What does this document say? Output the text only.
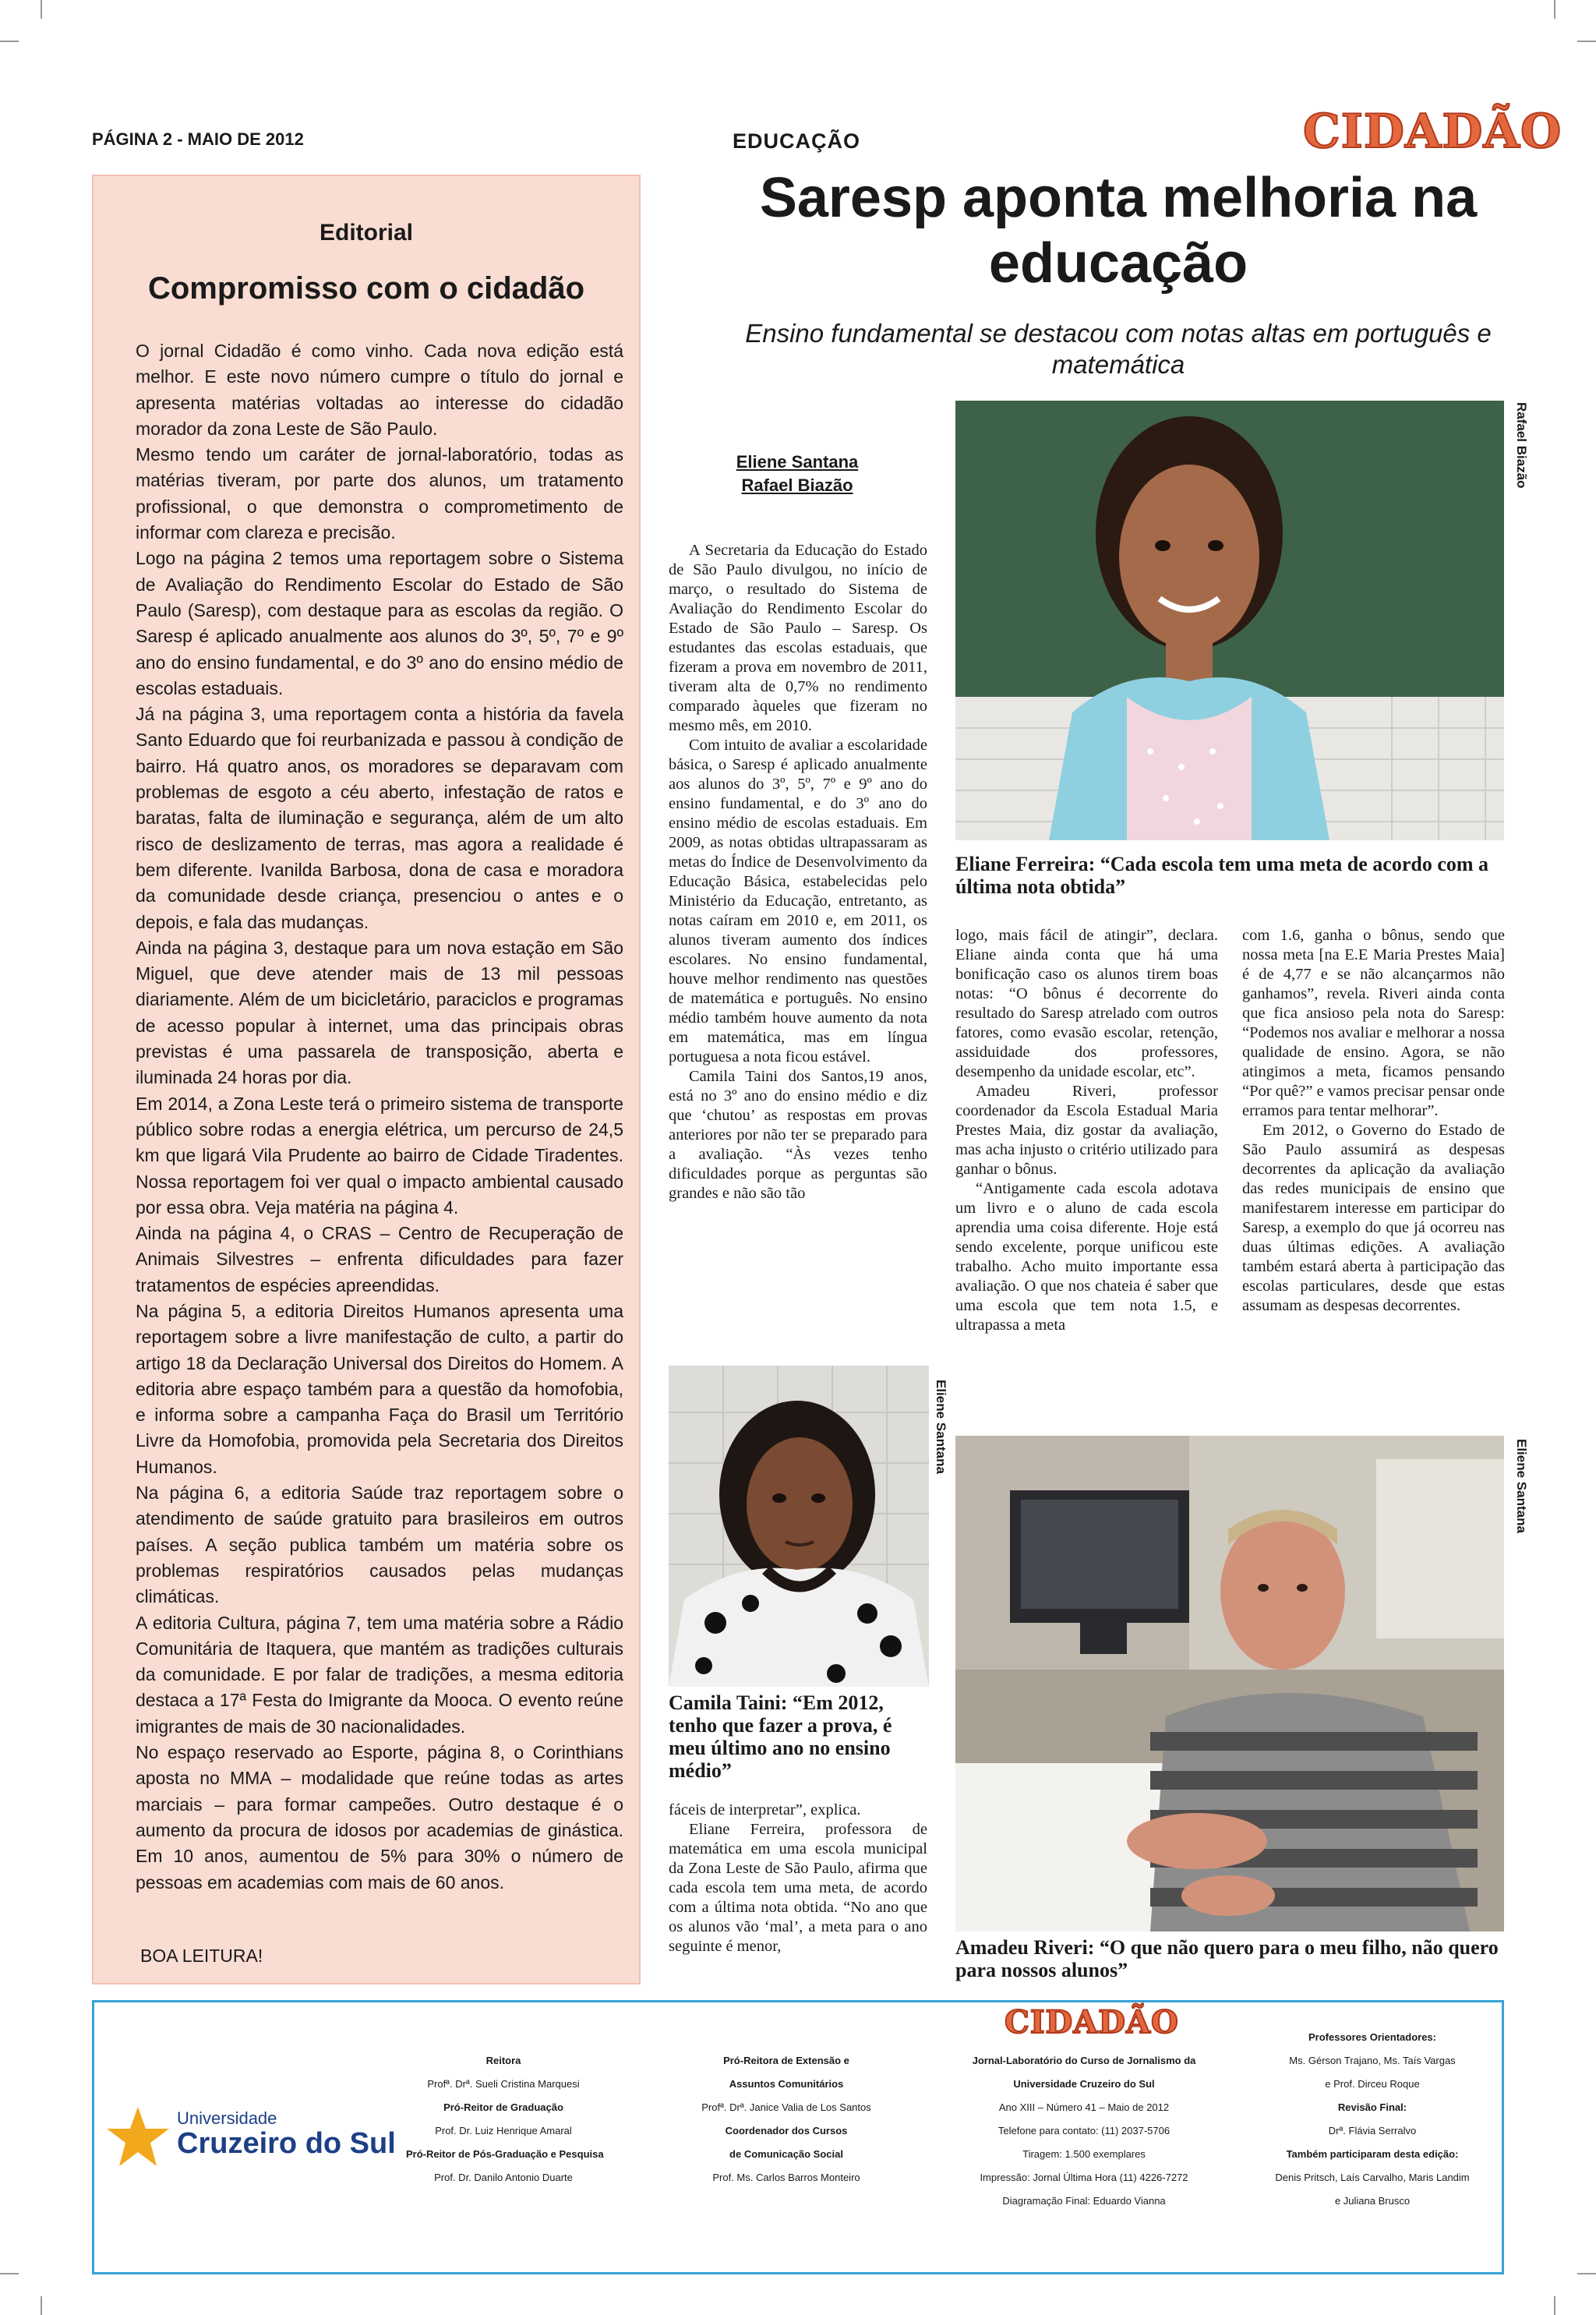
PÁGINA 2 - MAIO DE 2012	EDUCAÇÃO	CIDADÃO
Editorial
Compromisso com o cidadão

O jornal Cidadão é como vinho. Cada nova edição está melhor. E este novo número cumpre o título do jornal e apresenta matérias voltadas ao interesse do cidadão morador da zona Leste de São Paulo.

Mesmo tendo um caráter de jornal-laboratório, todas as matérias tiveram, por parte dos alunos, um tratamento profissional, o que demonstra o comprometimento de informar com clareza e precisão.

Logo na página 2 temos uma reportagem sobre o Sistema de Avaliação do Rendimento Escolar do Estado de São Paulo (Saresp), com destaque para as escolas da região. O Saresp é aplicado anualmente aos alunos do 3º, 5º, 7º e 9º ano do ensino fundamental, e do 3º ano do ensino médio de escolas estaduais.

Já na página 3, uma reportagem conta a história da favela Santo Eduardo que foi reurbanizada e passou à condição de bairro. Há quatro anos, os moradores se deparavam com problemas de esgoto a céu aberto, infestação de ratos e baratas, falta de iluminação e segurança, além de um alto risco de deslizamento de terras, mas agora a realidade é bem diferente. Ivanilda Barbosa, dona de casa e moradora da comunidade desde criança, presenciou o antes e o depois, e fala das mudanças.

Ainda na página 3, destaque para um nova estação em São Miguel, que deve atender mais de 13 mil pessoas diariamente. Além de um bicicletário, paraciclos e programas de acesso popular à internet, uma das principais obras previstas é uma passarela de transposição, aberta e iluminada 24 horas por dia.

Em 2014, a Zona Leste terá o primeiro sistema de transporte público sobre rodas a energia elétrica, um percurso de 24,5 km que ligará Vila Prudente ao bairro de Cidade Tiradentes. Nossa reportagem foi ver qual o impacto ambiental causado por essa obra. Veja matéria na página 4.

Ainda na página 4, o CRAS – Centro de Recuperação de Animais Silvestres – enfrenta dificuldades para fazer tratamentos de espécies apreendidas.

Na página 5, a editoria Direitos Humanos apresenta uma reportagem sobre a livre manifestação de culto, a partir do artigo 18 da Declaração Universal dos Direitos do Homem. A editoria abre espaço também para a questão da homofobia, e informa sobre a campanha Faça do Brasil um Território Livre da Homofobia, promovida pela Secretaria dos Direitos Humanos.

Na página 6, a editoria Saúde traz reportagem sobre o atendimento de saúde gratuito para brasileiros em outros países. A seção publica também um matéria sobre os problemas respiratórios causados pelas mudanças climáticas.

A editoria Cultura, página 7, tem uma matéria sobre a Rádio Comunitária de Itaquera, que mantém as tradições culturais da comunidade. E por falar de tradições, a mesma editoria destaca a 17ª Festa do Imigrante da Mooca. O evento reúne imigrantes de mais de 30 nacionalidades.

No espaço reservado ao Esporte, página 8, o Corinthians aposta no MMA – modalidade que reúne todas as artes marciais – para formar campeões. Outro destaque é o aumento da procura de idosos por academias de ginástica. Em 10 anos, aumentou de 5% para 30% o número de pessoas em academias com mais de 60 anos.

BOA LEITURA!
Saresp aponta melhoria na educação
Ensino fundamental se destacou com notas altas em português e matemática
Eliene Santana
Rafael Biazão

A Secretaria da Educação do Estado de São Paulo divulgou, no início de março, o resultado do Sistema de Avaliação do Rendimento Escolar do Estado de São Paulo – Saresp. Os estudantes das escolas estaduais, que fizeram a prova em novembro de 2011, tiveram alta de 0,7% no rendimento comparado àqueles que fizeram no mesmo mês, em 2010.

Com intuito de avaliar a escolaridade básica, o Saresp é aplicado anualmente aos alunos do 3º, 5º, 7º e 9º ano do ensino fundamental, e do 3º ano do ensino médio de escolas estaduais. Em 2009, as notas obtidas ultrapassaram as metas do Índice de Desenvolvimento da Educação Básica, estabelecidas pelo Ministério da Educação, entretanto, as notas caíram em 2010 e, em 2011, os alunos tiveram aumento dos índices escolares. No ensino fundamental, houve melhor rendimento nas questões de matemática e português. No ensino médio também houve aumento da nota em matemática, mas em língua portuguesa a nota ficou estável.

Camila Taini dos Santos,19 anos, está no 3º ano do ensino médio e diz que ‘chutou’ as respostas em provas anteriores por não ter se preparado para a avaliação. “Às vezes tenho dificuldades porque as perguntas são grandes e não são tão

Eliene Santana
Camila Taini: “Em 2012, tenho que fazer a prova, é meu último ano no ensino médio”

fáceis de interpretar”, explica.

Eliane Ferreira, professora de matemática em uma escola municipal da Zona Leste de São Paulo, afirma que cada escola tem uma meta, de acordo com a última nota obtida. “No ano que os alunos vão ‘mal’, a meta para o ano seguinte é menor,

Rafael Biazão
Eliane Ferreira: “Cada escola tem uma meta de acordo com a última nota obtida”

logo, mais fácil de atingir”, declara. Eliane ainda conta que há uma bonificação caso os alunos tirem boas notas: “O bônus é decorrente do resultado do Saresp atrelado com outros fatores, como evasão escolar, retenção, assiduidade dos professores, desempenho da unidade escolar, etc”.

Amadeu Riveri, professor coordenador da Escola Estadual Maria Prestes Maia, diz gostar da avaliação, mas acha injusto o critério utilizado para ganhar o bônus.

“Antigamente cada escola adotava um livro e o aluno de cada escola aprendia uma coisa diferente. Hoje está sendo excelente, porque unificou este trabalho. Acho muito importante essa avaliação. O que nos chateia é saber que uma escola que tem nota 1.5, e ultrapassa a meta

com 1.6, ganha o bônus, sendo que nossa meta [na E.E Maria Prestes Maia] é de 4,77 e se não alcançarmos não ganhamos”, revela. Riveri ainda conta que fica ansioso pela nota do Saresp: “Podemos nos avaliar e melhorar a nossa qualidade de ensino. Agora, se não atingimos a meta, ficamos pensando “Por quê?” e vamos precisar pensar onde erramos para tentar melhorar”.

Em 2012, o Governo do Estado de São Paulo assumirá as despesas decorrentes da aplicação da avaliação das redes municipais de ensino que manifestarem interesse em participar do Saresp, a exemplo do que já ocorreu nas duas últimas edições. A avaliação também estará aberta à participação das escolas particulares, desde que estas assumam as despesas decorrentes.

Eliene Santana
Amadeu Riveri: “O que não quero para o meu filho, não quero para nossos alunos”
Universidade
Cruzeiro do Sul
Reitora
Profª. Drª. Sueli Cristina Marquesi
Pró-Reitor de Graduação
Prof. Dr. Luiz Henrique Amaral
Pró-Reitor de Pós-Graduação e Pesquisa
Prof. Dr. Danilo Antonio Duarte
Pró-Reitora de Extensão e
Assuntos Comunitários
Profª. Drª. Janice Valia de Los Santos
Coordenador dos Cursos
de Comunicação Social
Prof. Ms. Carlos Barros Monteiro
CIDADÃO
Jornal-Laboratório do Curso de Jornalismo da
Universidade Cruzeiro do Sul
Ano XIII – Número 41 – Maio de 2012
Telefone para contato: (11) 2037-5706
Tiragem: 1.500 exemplares
Impressão: Jornal Última Hora (11) 4226-7272
Diagramação Final: Eduardo Vianna
Professores Orientadores:
Ms. Gérson Trajano, Ms. Taís Vargas
e Prof. Dirceu Roque
Revisão Final:
Drª. Flávia Serralvo
Também participaram desta edição:
Denis Pritsch, Laís Carvalho, Maris Landim
e Juliana Brusco
